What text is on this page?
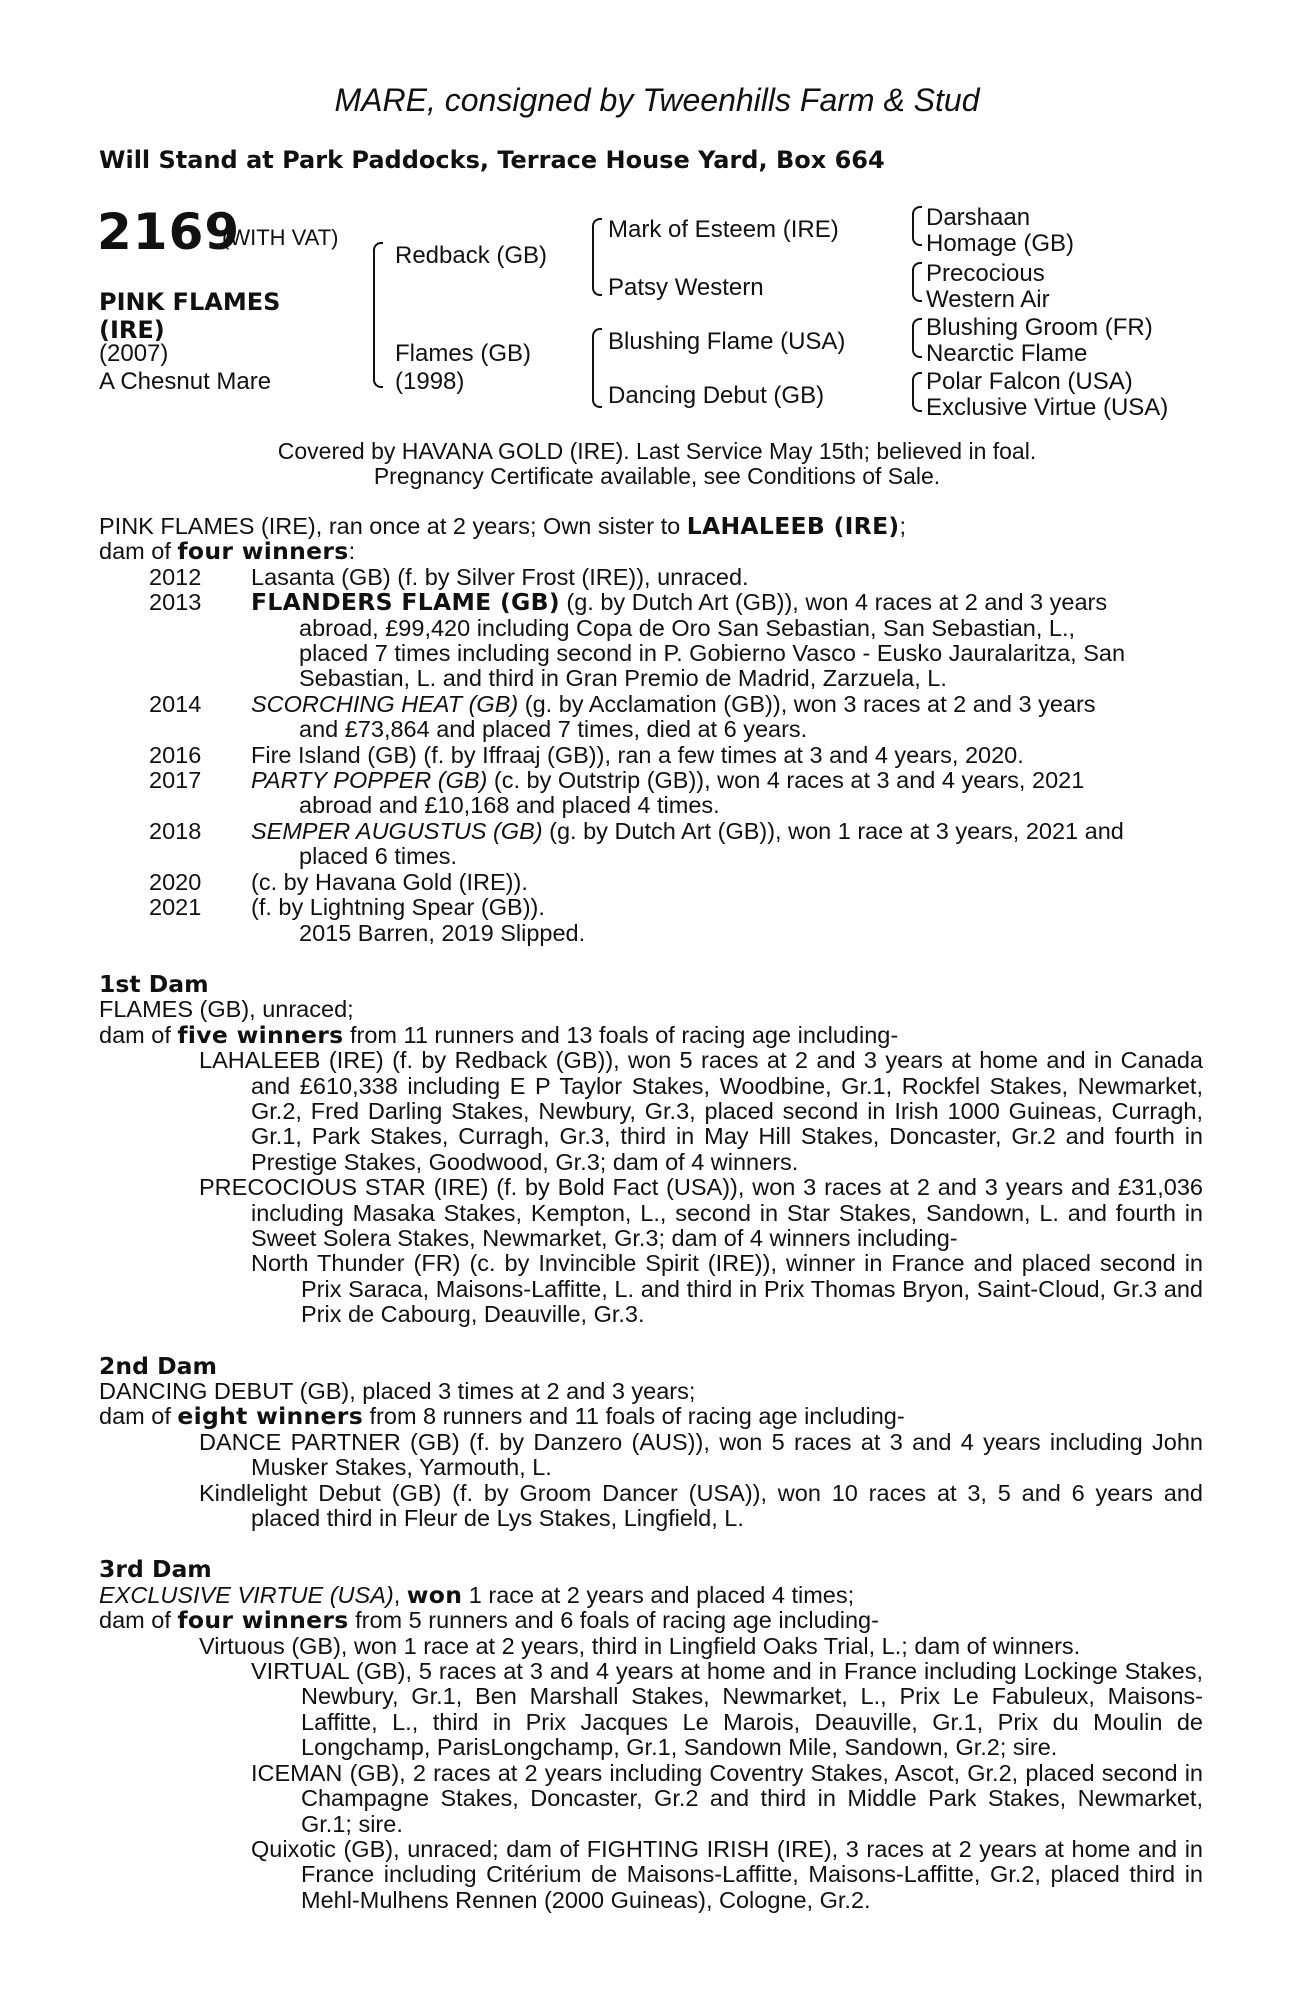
MARE, consigned by Tweenhills Farm & Stud
Will Stand at Park Paddocks, Terrace House Yard, Box 664
2169
(WITH VAT)
PINK FLAMES
(IRE)
(2007)
A Chesnut Mare
Redback (GB)
Flames (GB)
(1998)
Mark of Esteem (IRE)
Patsy Western
Blushing Flame (USA)
Dancing Debut (GB)
Darshaan
Homage (GB)
Precocious
Western Air
Blushing Groom (FR)
Nearctic Flame
Polar Falcon (USA)
Exclusive Virtue (USA)
Covered by HAVANA GOLD (IRE). Last Service May 15th; believed in foal.
Pregnancy Certificate available, see Conditions of Sale.
PINK FLAMES (IRE), ran once at 2 years; Own sister to LAHALEEB (IRE);
dam of four winners:
2012	Lasanta (GB) (f. by Silver Frost (IRE)), unraced.
2013	FLANDERS FLAME (GB) (g. by Dutch Art (GB)), won 4 races at 2 and 3 years
abroad, £99,420 including Copa de Oro San Sebastian, San Sebastian, L.,
placed 7 times including second in P. Gobierno Vasco - Eusko Jauralaritza, San
Sebastian, L. and third in Gran Premio de Madrid, Zarzuela, L.
2014	SCORCHING HEAT (GB) (g. by Acclamation (GB)), won 3 races at 2 and 3 years
and £73,864 and placed 7 times, died at 6 years.
2016	Fire Island (GB) (f. by Iffraaj (GB)), ran a few times at 3 and 4 years, 2020.
2017	PARTY POPPER (GB) (c. by Outstrip (GB)), won 4 races at 3 and 4 years, 2021
abroad and £10,168 and placed 4 times.
2018	SEMPER AUGUSTUS (GB) (g. by Dutch Art (GB)), won 1 race at 3 years, 2021 and
placed 6 times.
2020	(c. by Havana Gold (IRE)).
2021	(f. by Lightning Spear (GB)).
2015 Barren, 2019 Slipped.
1st Dam
FLAMES (GB), unraced;
dam of five winners from 11 runners and 13 foals of racing age including-
LAHALEEB (IRE) (f. by Redback (GB)), won 5 races at 2 and 3 years at home and in Canada and £610,338 including E P Taylor Stakes, Woodbine, Gr.1, Rockfel Stakes, Newmarket, Gr.2, Fred Darling Stakes, Newbury, Gr.3, placed second in Irish 1000 Guineas, Curragh, Gr.1, Park Stakes, Curragh, Gr.3, third in May Hill Stakes, Doncaster, Gr.2 and fourth in Prestige Stakes, Goodwood, Gr.3; dam of 4 winners.
PRECOCIOUS STAR (IRE) (f. by Bold Fact (USA)), won 3 races at 2 and 3 years and £31,036 including Masaka Stakes, Kempton, L., second in Star Stakes, Sandown, L. and fourth in Sweet Solera Stakes, Newmarket, Gr.3; dam of 4 winners including-
North Thunder (FR) (c. by Invincible Spirit (IRE)), winner in France and placed second in Prix Saraca, Maisons-Laffitte, L. and third in Prix Thomas Bryon, Saint-Cloud, Gr.3 and Prix de Cabourg, Deauville, Gr.3.
2nd Dam
DANCING DEBUT (GB), placed 3 times at 2 and 3 years;
dam of eight winners from 8 runners and 11 foals of racing age including-
DANCE PARTNER (GB) (f. by Danzero (AUS)), won 5 races at 3 and 4 years including John Musker Stakes, Yarmouth, L.
Kindlelight Debut (GB) (f. by Groom Dancer (USA)), won 10 races at 3, 5 and 6 years and placed third in Fleur de Lys Stakes, Lingfield, L.
3rd Dam
EXCLUSIVE VIRTUE (USA), won 1 race at 2 years and placed 4 times;
dam of four winners from 5 runners and 6 foals of racing age including-
Virtuous (GB), won 1 race at 2 years, third in Lingfield Oaks Trial, L.; dam of winners.
VIRTUAL (GB), 5 races at 3 and 4 years at home and in France including Lockinge Stakes, Newbury, Gr.1, Ben Marshall Stakes, Newmarket, L., Prix Le Fabuleux, Maisons-Laffitte, L., third in Prix Jacques Le Marois, Deauville, Gr.1, Prix du Moulin de Longchamp, ParisLongchamp, Gr.1, Sandown Mile, Sandown, Gr.2; sire.
ICEMAN (GB), 2 races at 2 years including Coventry Stakes, Ascot, Gr.2, placed second in Champagne Stakes, Doncaster, Gr.2 and third in Middle Park Stakes, Newmarket, Gr.1; sire.
Quixotic (GB), unraced; dam of FIGHTING IRISH (IRE), 3 races at 2 years at home and in France including Critérium de Maisons-Laffitte, Maisons-Laffitte, Gr.2, placed third in Mehl-Mulhens Rennen (2000 Guineas), Cologne, Gr.2.
